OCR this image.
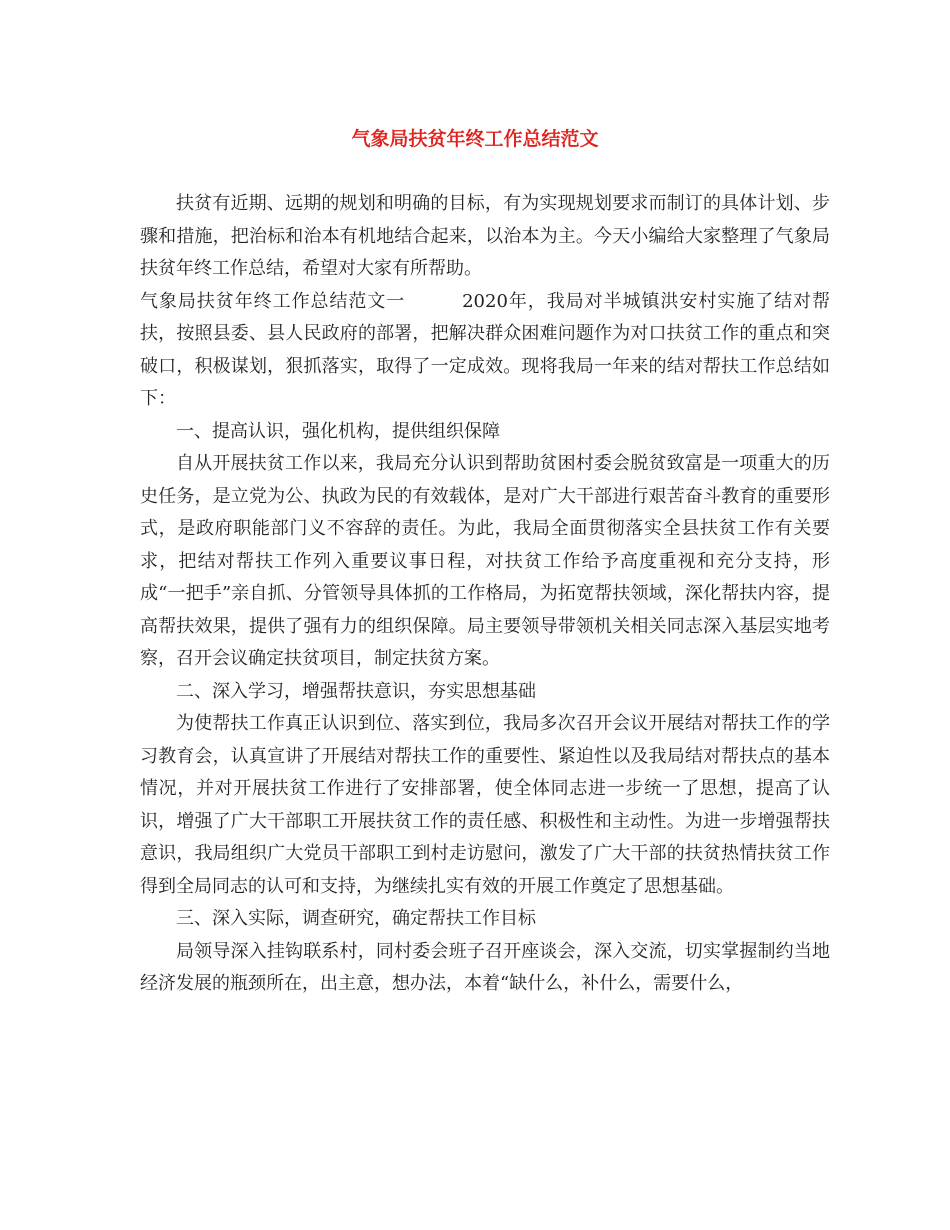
气象局扶贫年终工作总结范文

扶贫有近期、远期的规划和明确的目标，有为实现规划要求而制订的具体计划、步骤和措施，把治标和治本有机地结合起来，以治本为主。今天小编给大家整理了气象局扶贫年终工作总结，希望对大家有所帮助。

气象局扶贫年终工作总结范文一　　　2020年，我局对半城镇洪安村实施了结对帮扶，按照县委、县人民政府的部署，把解决群众困难问题作为对口扶贫工作的重点和突破口，积极谋划，狠抓落实，取得了一定成效。现将我局一年来的结对帮扶工作总结如下：

一、提高认识，强化机构，提供组织保障

自从开展扶贫工作以来，我局充分认识到帮助贫困村委会脱贫致富是一项重大的历史任务，是立党为公、执政为民的有效载体，是对广大干部进行艰苦奋斗教育的重要形式，是政府职能部门义不容辞的责任。为此，我局全面贯彻落实全县扶贫工作有关要求，把结对帮扶工作列入重要议事日程，对扶贫工作给予高度重视和充分支持，形成“一把手”亲自抓、分管领导具体抓的工作格局，为拓宽帮扶领域，深化帮扶内容，提高帮扶效果，提供了强有力的组织保障。局主要领导带领机关相关同志深入基层实地考察，召开会议确定扶贫项目，制定扶贫方案。

二、深入学习，增强帮扶意识，夯实思想基础

为使帮扶工作真正认识到位、落实到位，我局多次召开会议开展结对帮扶工作的学习教育会，认真宣讲了开展结对帮扶工作的重要性、紧迫性以及我局结对帮扶点的基本情况，并对开展扶贫工作进行了安排部署，使全体同志进一步统一了思想，提高了认识，增强了广大干部职工开展扶贫工作的责任感、积极性和主动性。为进一步增强帮扶意识，我局组织广大党员干部职工到村走访慰问，激发了广大干部的扶贫热情扶贫工作得到全局同志的认可和支持，为继续扎实有效的开展工作奠定了思想基础。

三、深入实际，调查研究，确定帮扶工作目标

局领导深入挂钩联系村，同村委会班子召开座谈会，深入交流，切实掌握制约当地经济发展的瓶颈所在，出主意，想办法，本着“缺什么，补什么，需要什么，
